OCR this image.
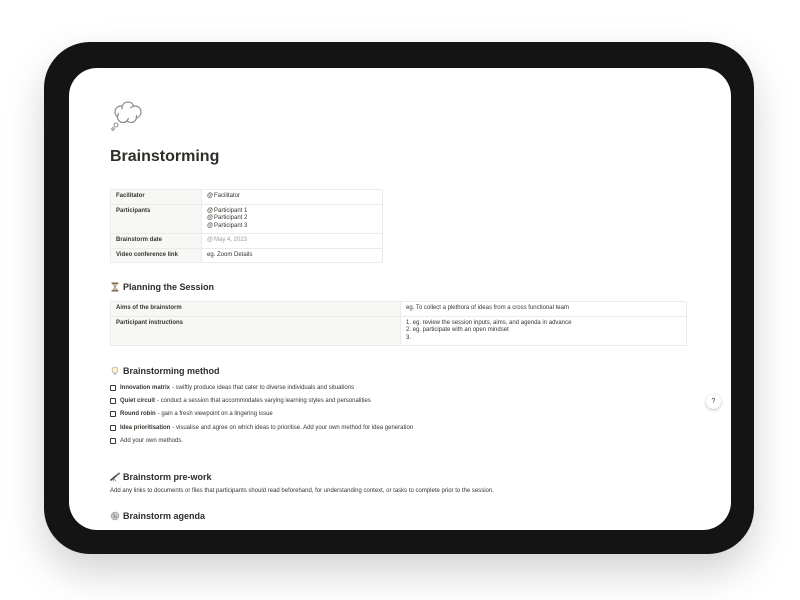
Brainstorming
Facilitator	@Facilitator
Participants	@Participant 1
@Participant 2
@Participant 3

Brainstorm date	@May 4, 2023
Video conference link	eg. Zoom Details
Planning the Session
Aims of the brainstorm	eg. To collect a plethora of ideas from a cross functional team
Participant instructions	1. eg. review the session inputs, aims, and agenda in advance
2. eg. participate with an open mindset
3.
Brainstorming method
Innovation matrix - swiftly produce ideas that cater to diverse individuals and situations
Quiet circuit - conduct a session that accommodates varying learning styles and personalities
Round robin - gain a fresh viewpoint on a lingering issue
Idea prioritisation - visualise and agree on which ideas to prioritise. Add your own method for idea generation
Add your own methods.
Brainstorm pre-work
Add any links to documents or files that participants should read beforehand, for understanding context, or tasks to complete prior to the session.
Brainstorm agenda
?
